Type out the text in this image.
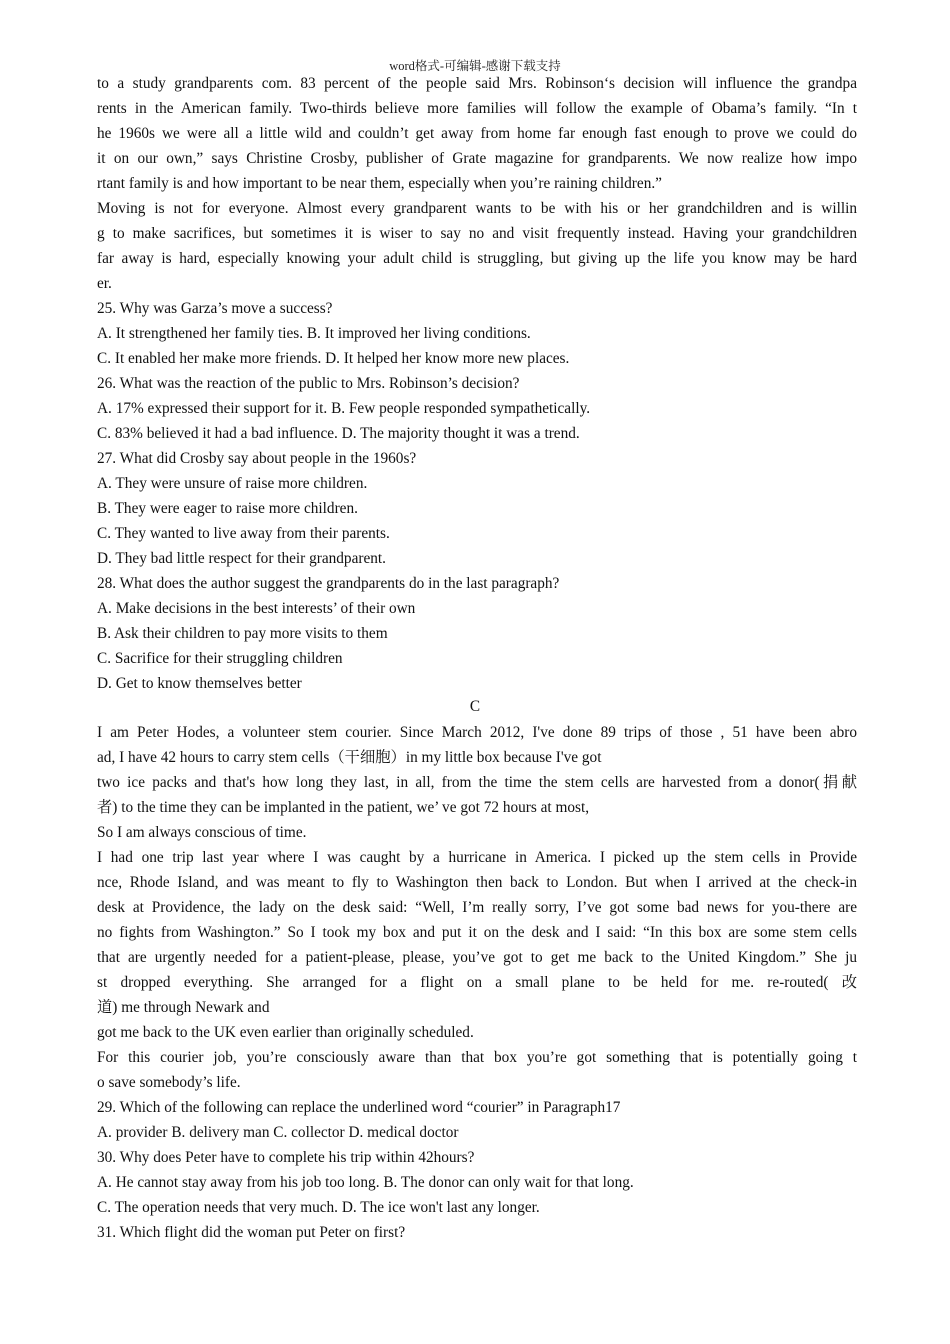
word格式-可编辑-感谢下载支持
to a study grandparents com. 83 percent of the people said Mrs. Robinson‘s decision will influence the grandpa
rents in the American family. Two-thirds believe more families will follow the example of Obama’s family. “In t
he 1960s we were all a little wild and couldn’t get away from home far enough fast enough to prove we could do
it on our own,” says Christine Crosby, publisher of Grate magazine for grandparents. We now realize how impo
rtant family is and how important to be near them, especially when you’re raining children.”
Moving is not for everyone. Almost every grandparent wants to be with his or her grandchildren and is willin
g to make sacrifices, but sometimes it is wiser to say no and visit frequently instead. Having your grandchildren
far away is hard, especially knowing your adult child is struggling, but giving up the life you know may be hard
er.
25. Why was Garza’s move a success?
A. It strengthened her family ties. B. It improved her living conditions.
C. It enabled her make more friends. D. It helped her know more new places.
26. What was the reaction of the public to Mrs. Robinson’s decision?
A. 17% expressed their support for it. B. Few people responded sympathetically.
C. 83% believed it had a bad influence. D. The majority thought it was a trend.
27. What did Crosby say about people in the 1960s?
A. They were unsure of raise more children.
B. They were eager to raise more children.
C. They wanted to live away from their parents.
D. They bad little respect for their grandparent.
28. What does the author suggest the grandparents do in the last paragraph?
A. Make decisions in the best interests’ of their own
B. Ask their children to pay more visits to them
C. Sacrifice for their struggling children
D. Get to know themselves better
C
I am Peter Hodes, a volunteer stem courier. Since March 2012, I've done 89 trips of those , 51 have been abro
ad, I have 42 hours to carry stem cells（干细胞）in my little box because I've got
two ice packs and that's how long they last, in all, from the time the stem cells are harvested from a donor(捐献
者) to the time they can be implanted in the patient, we’ ve got 72 hours at most,
So I am always conscious of time.
I had one trip last year where I was caught by a hurricane in America. I picked up the stem cells in Provide
nce, Rhode Island, and was meant to fly to Washington then back to London. But when I arrived at the check-in
desk at Providence, the lady on the desk said: “Well, I’m really sorry, I’ve got some bad news for you-there are
no fights from Washington.” So I took my box and put it on the desk and I said: “In this box are some stem cells
that are urgently needed for a patient-please, please, you’ve got to get me back to the United Kingdom.” She ju
st dropped everything. She arranged for a flight on a small plane to be held for me. re-routed( 改
道) me through Newark and
got me back to the UK even earlier than originally scheduled.
For this courier job, you’re consciously aware than that box you’re got something that is potentially going t
o save somebody’s life.
29. Which of the following can replace the underlined word “courier” in Paragraph17
A. provider B. delivery man C. collector D. medical doctor
30. Why does Peter have to complete his trip within 42hours?
A. He cannot stay away from his job too long. B. The donor can only wait for that long.
C. The operation needs that very much. D. The ice won't last any longer.
31. Which flight did the woman put Peter on first?
